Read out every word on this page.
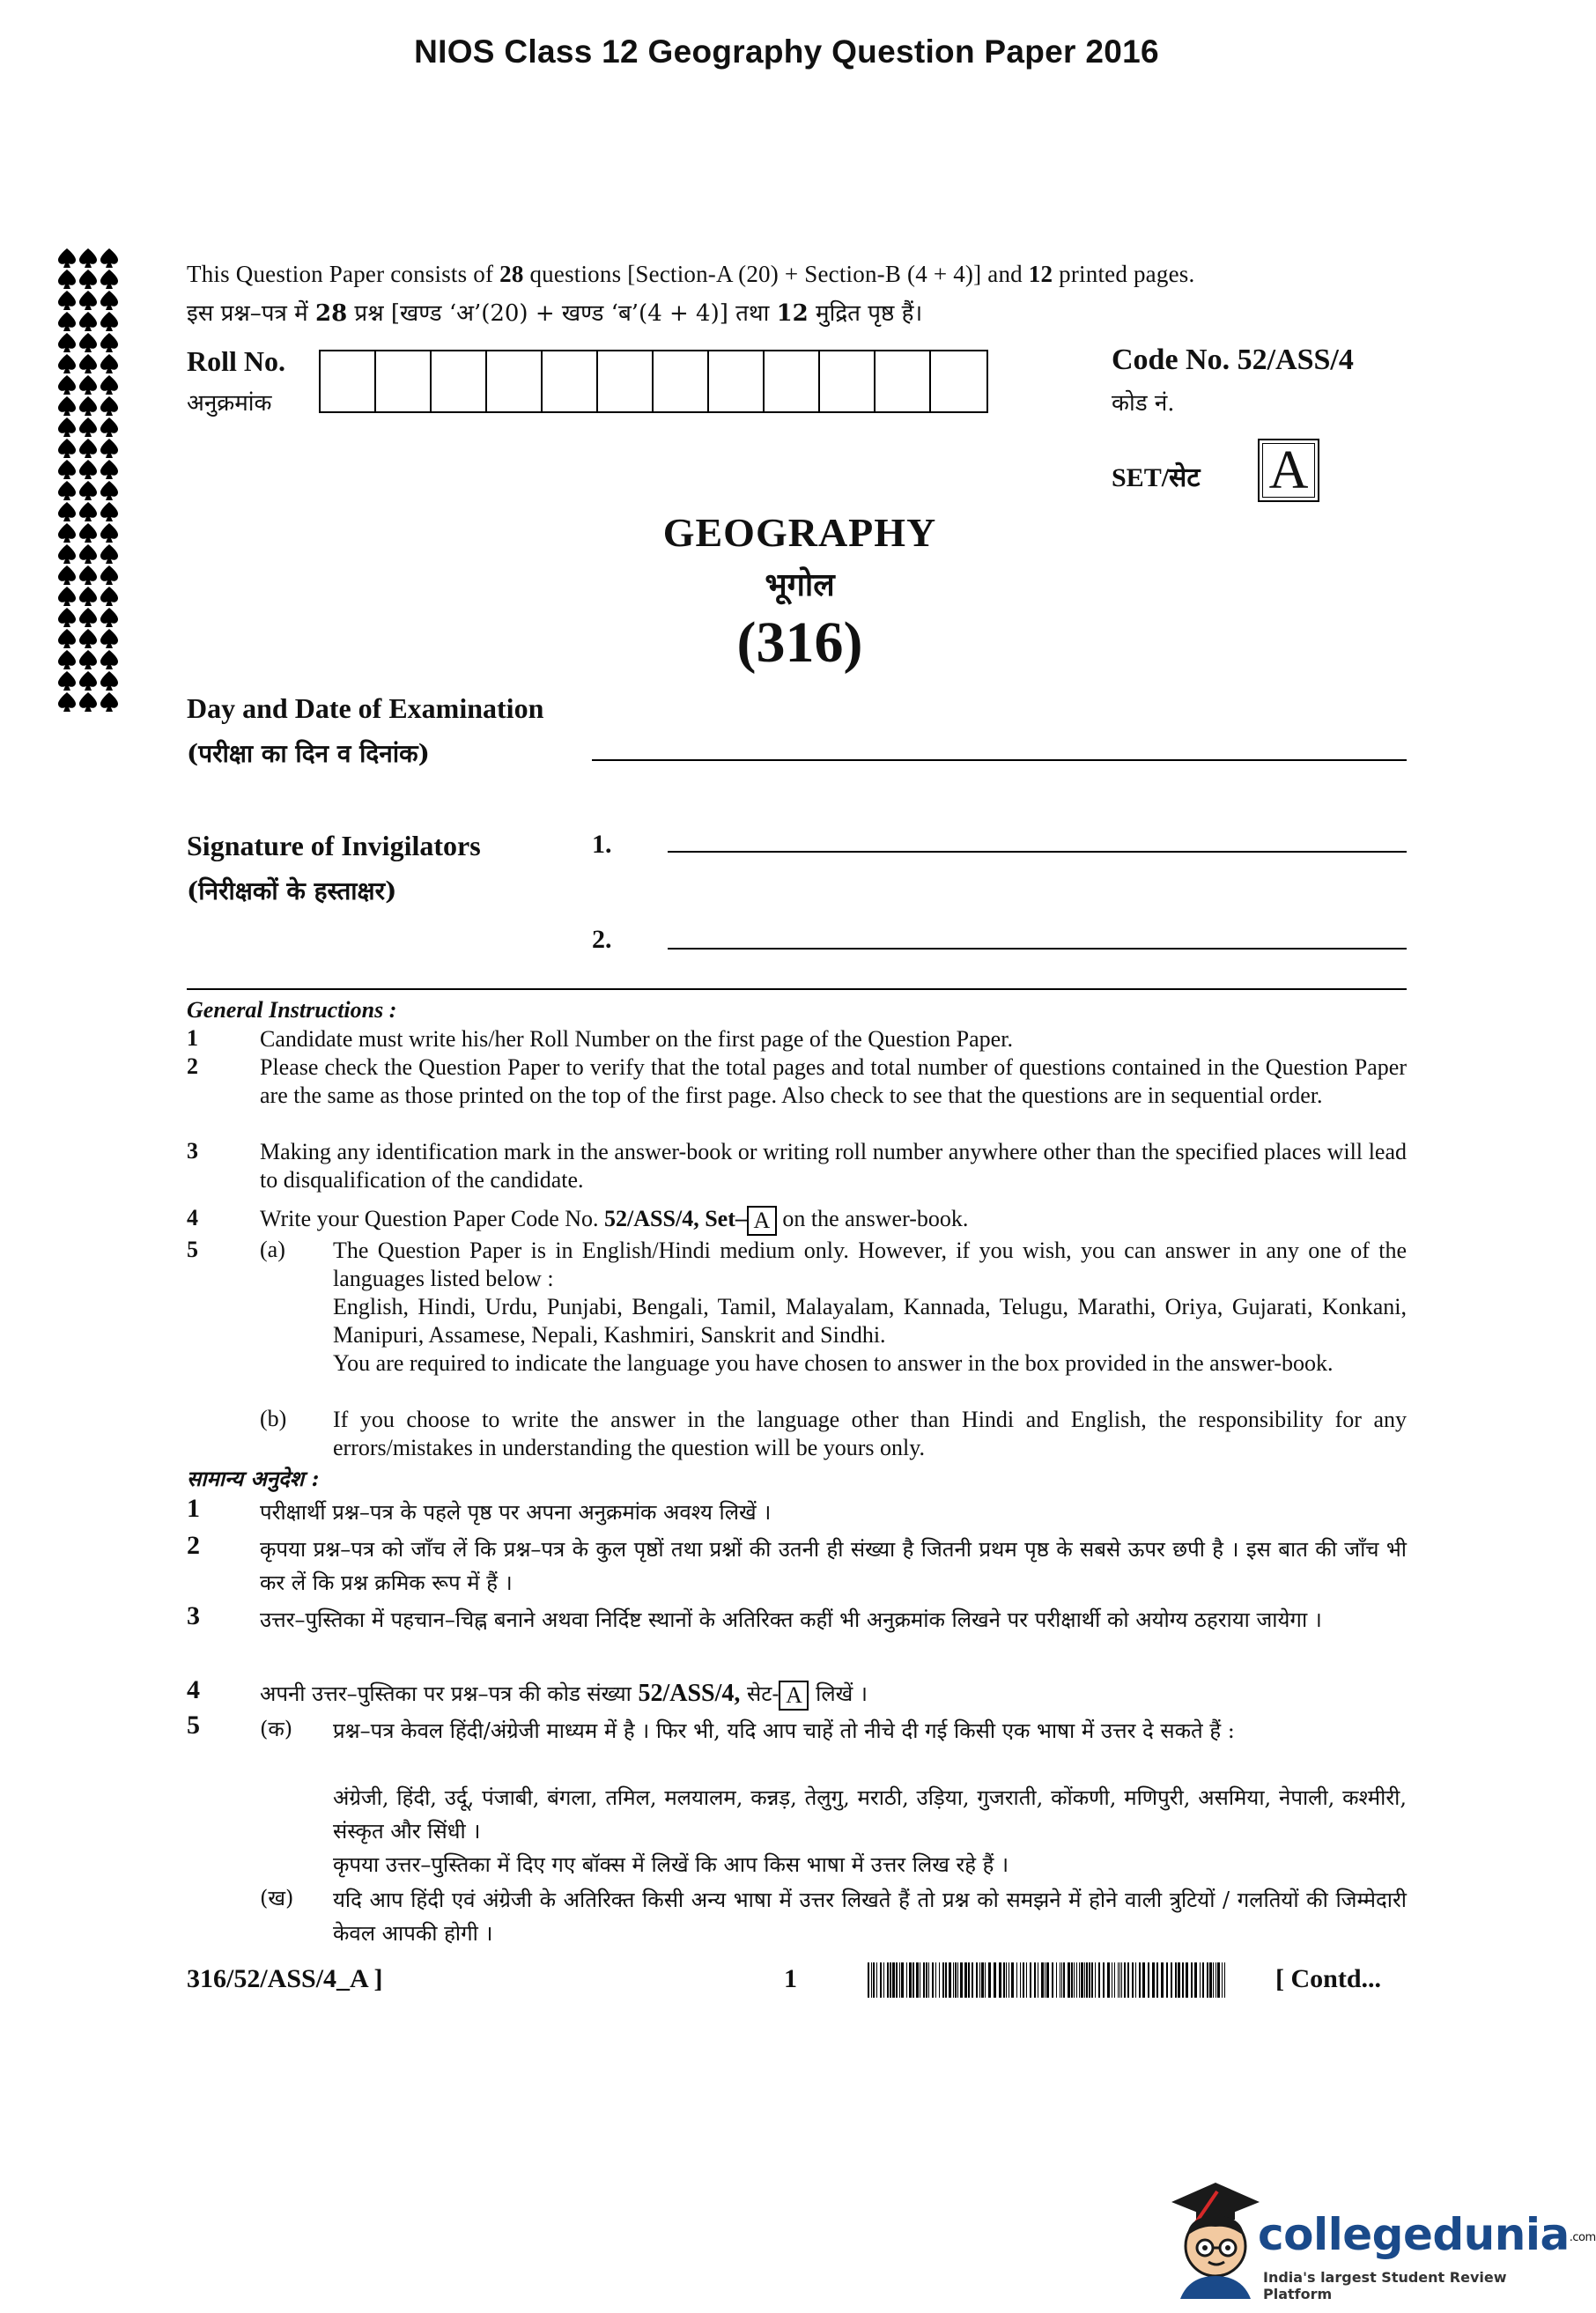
NIOS Class 12 Geography Question Paper 2016
This Question Paper consists of 28 questions [Section-A (20) + Section-B (4 + 4)] and 12 printed pages.
इस प्रश्न–पत्र में 28 प्रश्न [खण्ड ‘अ’(20) + खण्ड ‘ब’(4 + 4)] तथा 12 मुद्रित पृष्ठ हैं।
Roll No.
अनुक्रमांक
Code No. 52/ASS/4
कोड नं.
SET/सेट A
GEOGRAPHY
भूगोल
(316)
Day and Date of Examination
(परीक्षा का दिन व दिनांक)
Signature of Invigilators
(निरीक्षकों के हस्ताक्षर)
1.
2.
General Instructions :
1	Candidate must write his/her Roll Number on the first page of the Question Paper.
2	Please check the Question Paper to verify that the total pages and total number of questions contained in the Question Paper are the same as those printed on the top of the first page. Also check to see that the questions are in sequential order.
3	Making any identification mark in the answer-book or writing roll number anywhere other than the specified places will lead to disqualification of the candidate.
4	Write your Question Paper Code No. 52/ASS/4, Set– A on the answer-book.
5	(a) The Question Paper is in English/Hindi medium only. However, if you wish, you can answer in any one of the languages listed below :
English, Hindi, Urdu, Punjabi, Bengali, Tamil, Malayalam, Kannada, Telugu, Marathi, Oriya, Gujarati, Konkani, Manipuri, Assamese, Nepali, Kashmiri, Sanskrit and Sindhi.
You are required to indicate the language you have chosen to answer in the box provided in the answer-book.
(b) If you choose to write the answer in the language other than Hindi and English, the responsibility for any errors/mistakes in understanding the question will be yours only.
सामान्य अनुदेश :
1	परीक्षार्थी प्रश्न–पत्र के पहले पृष्ठ पर अपना अनुक्रमांक अवश्य लिखें ।
2	कृपया प्रश्न–पत्र को जाँच लें कि प्रश्न–पत्र के कुल पृष्ठों तथा प्रश्नों की उतनी ही संख्या है जितनी प्रथम पृष्ठ के सबसे ऊपर छपी है । इस बात की जाँच भी कर लें कि प्रश्न क्रमिक रूप में हैं ।
3	उत्तर–पुस्तिका में पहचान–चिह्न बनाने अथवा निर्दिष्ट स्थानों के अतिरिक्त कहीं भी अनुक्रमांक लिखने पर परीक्षार्थी को अयोग्य ठहराया जायेगा ।
4	अपनी उत्तर–पुस्तिका पर प्रश्न–पत्र की कोड संख्या 52/ASS/4, सेट- A लिखें ।
5	(क) प्रश्न–पत्र केवल हिंदी/अंग्रेजी माध्यम में है । फिर भी, यदि आप चाहें तो नीचे दी गई किसी एक भाषा में उत्तर दे सकते हैं :
अंग्रेजी, हिंदी, उर्दू, पंजाबी, बंगला, तमिल, मलयालम, कन्नड़, तेलुगु, मराठी, उड़िया, गुजराती, कोंकणी, मणिपुरी, असमिया, नेपाली, कश्मीरी, संस्कृत और सिंधी ।
कृपया उत्तर–पुस्तिका में दिए गए बॉक्स में लिखें कि आप किस भाषा में उत्तर लिख रहे हैं ।
(ख) यदि आप हिंदी एवं अंग्रेजी के अतिरिक्त किसी अन्य भाषा में उत्तर लिखते हैं तो प्रश्न को समझने में होने वाली त्रुटियों / गलतियों की जिम्मेदारी केवल आपकी होगी ।
316/52/ASS/4_A ]	1	[ Contd...
collegedunia.com
India's largest Student Review Platform
